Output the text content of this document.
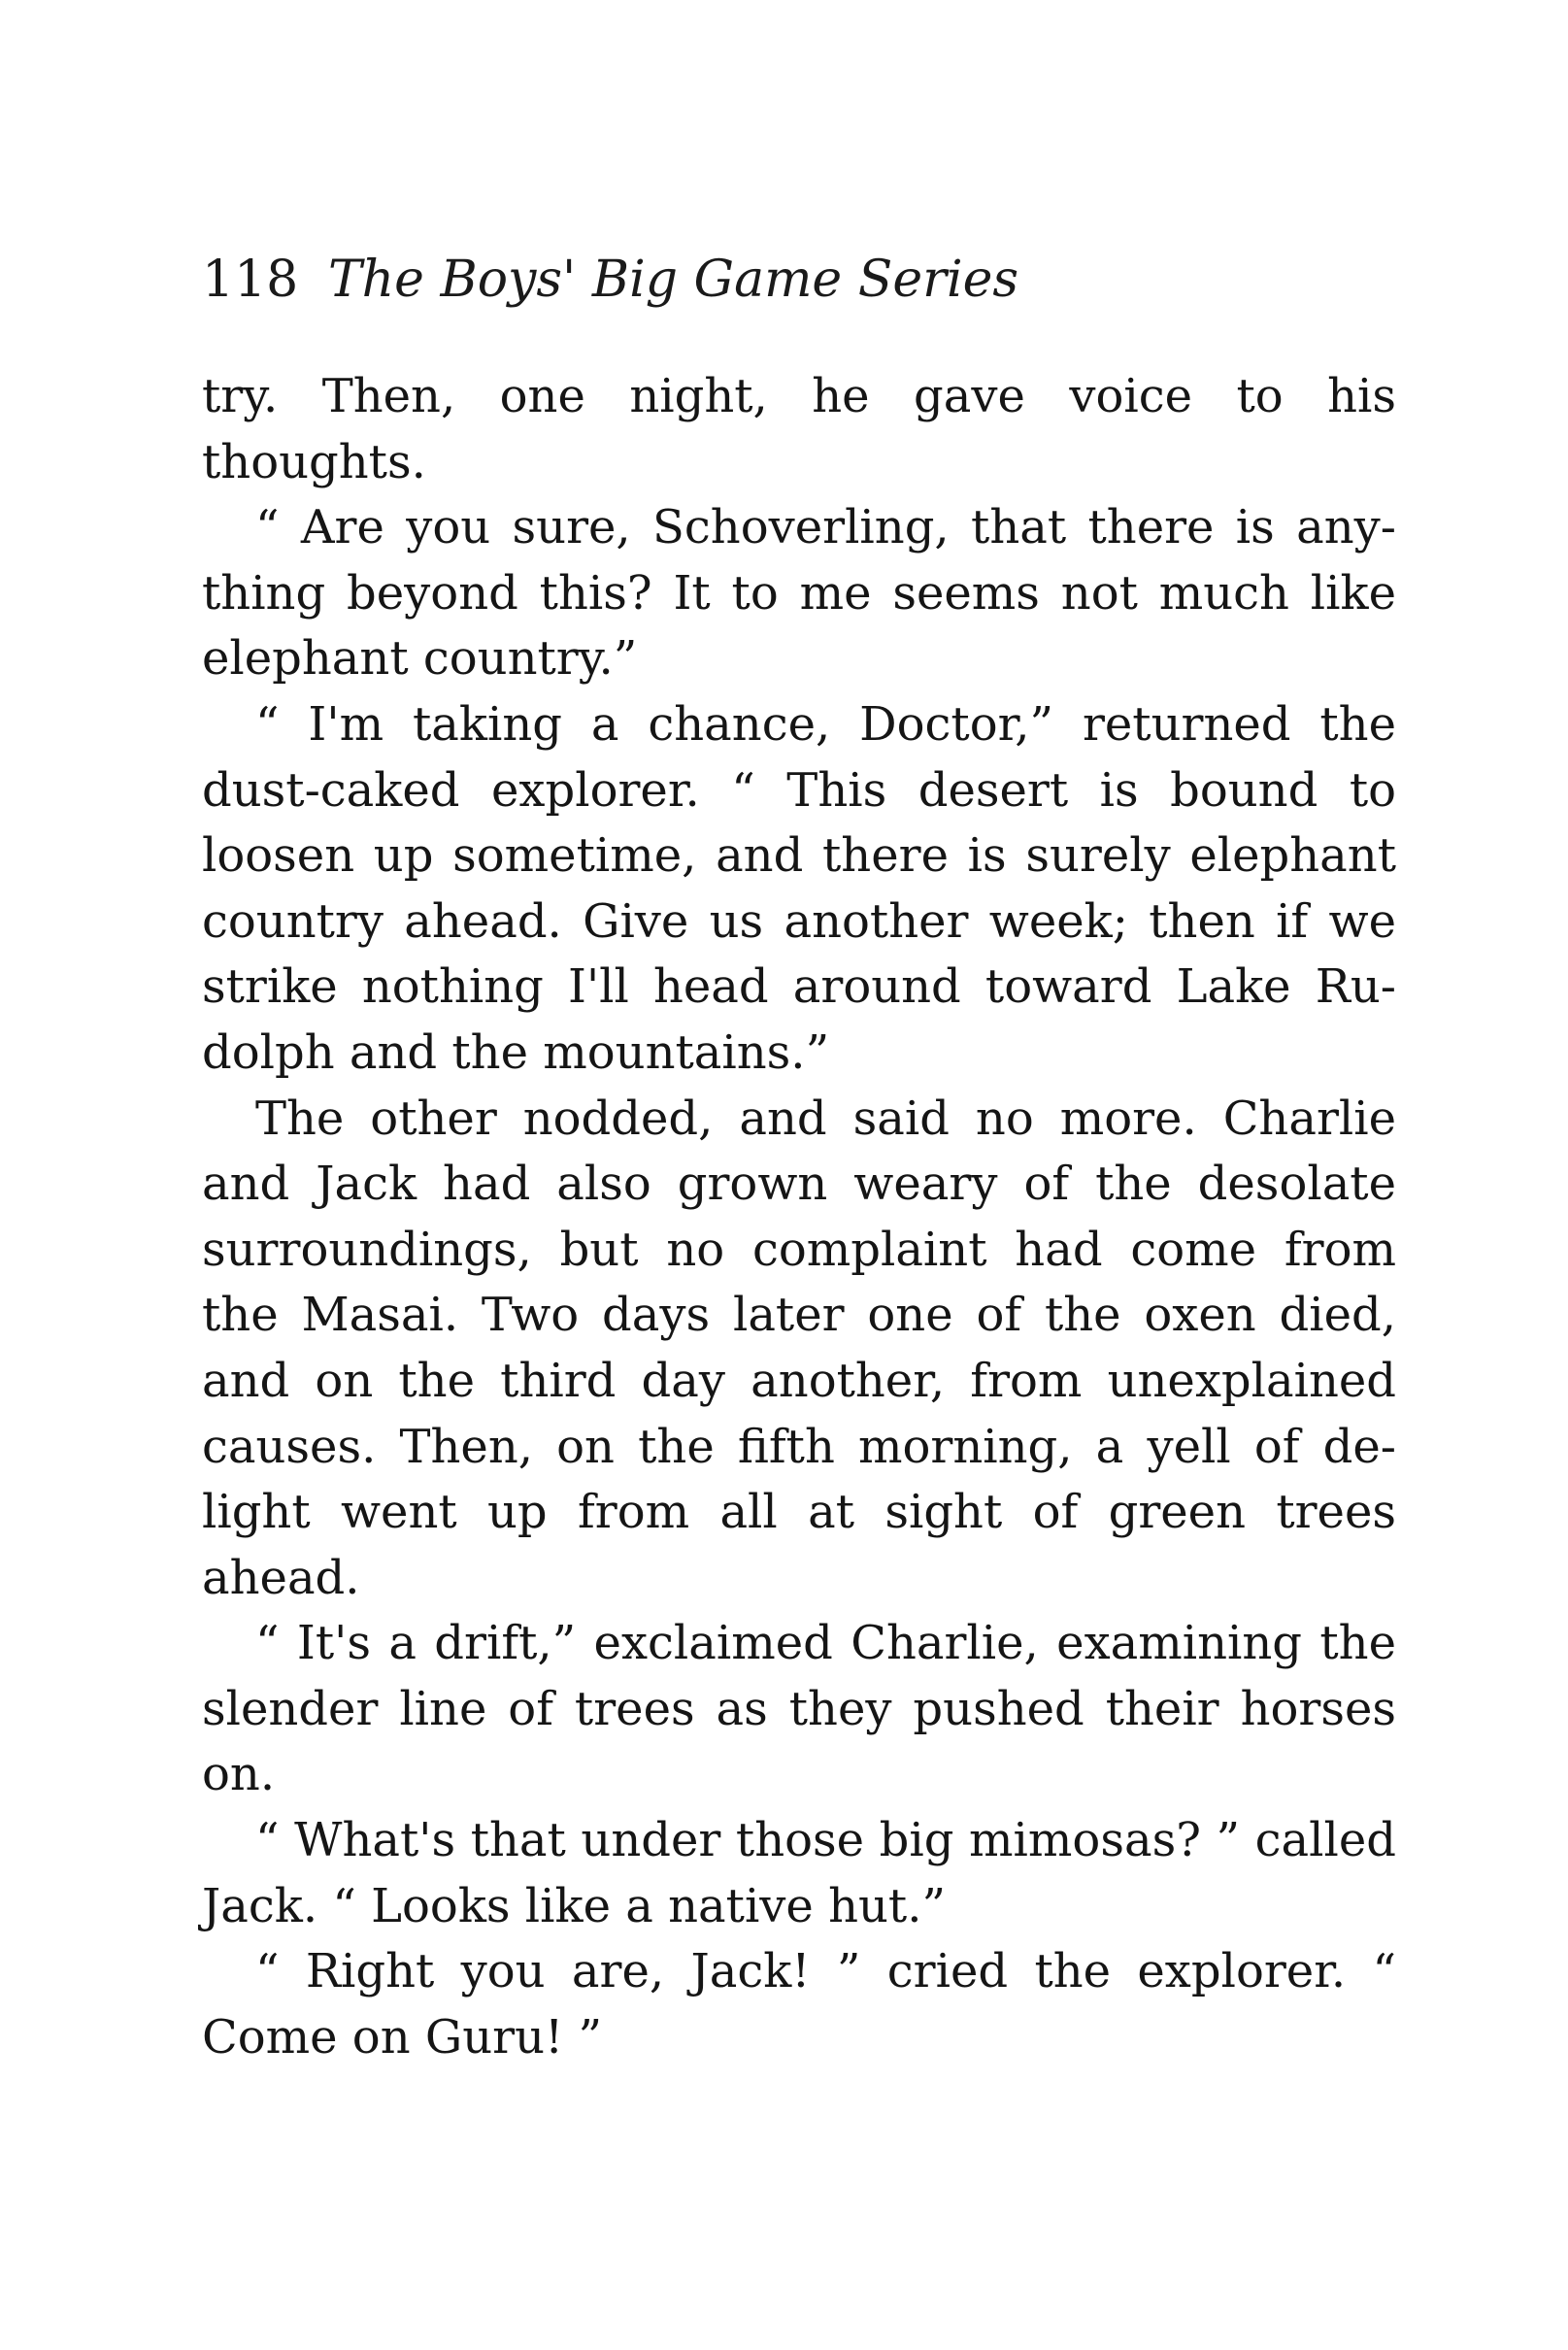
118 The Boys' Big Game Series

try. Then, one night, he gave voice to his thoughts.

“ Are you sure, Schoverling, that there is anything beyond this? It to me seems not much like elephant country.”

“ I'm taking a chance, Doctor,” returned the dust-caked explorer. “ This desert is bound to loosen up sometime, and there is surely elephant country ahead. Give us another week; then if we strike nothing I'll head around toward Lake Rudolph and the mountains.”

The other nodded, and said no more. Charlie and Jack had also grown weary of the desolate surroundings, but no complaint had come from the Masai. Two days later one of the oxen died, and on the third day another, from unexplained causes. Then, on the fifth morning, a yell of delight went up from all at sight of green trees ahead.

“ It's a drift,” exclaimed Charlie, examining the slender line of trees as they pushed their horses on.

“ What's that under those big mimosas? ” called Jack. “ Looks like a native hut.”

“ Right you are, Jack! ” cried the explorer. “ Come on Guru! ”
